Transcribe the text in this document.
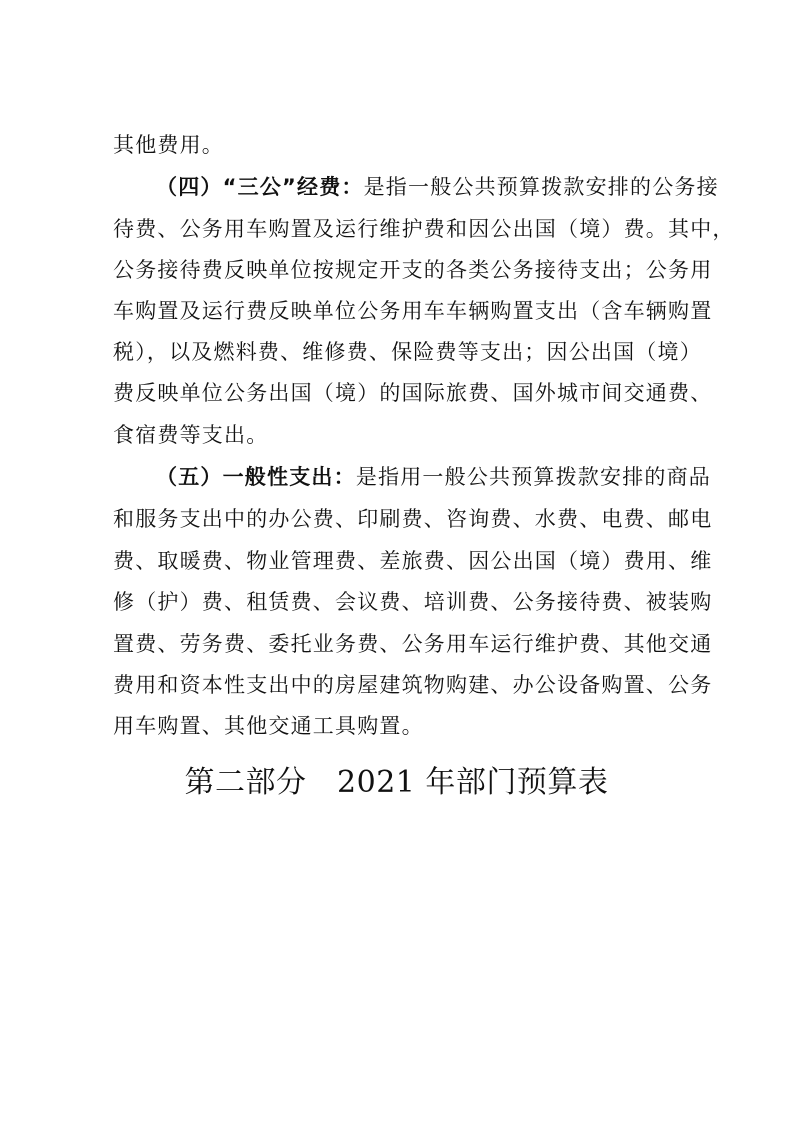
其他费用。
（四）“三公”经费：是指一般公共预算拨款安排的公务接
待费、公务用车购置及运行维护费和因公出国（境）费。其中，
公务接待费反映单位按规定开支的各类公务接待支出；公务用
车购置及运行费反映单位公务用车车辆购置支出（含车辆购置
税），以及燃料费、维修费、保险费等支出；因公出国（境）
费反映单位公务出国（境）的国际旅费、国外城市间交通费、
食宿费等支出。
（五）一般性支出：是指用一般公共预算拨款安排的商品
和服务支出中的办公费、印刷费、咨询费、水费、电费、邮电
费、取暖费、物业管理费、差旅费、因公出国（境）费用、维
修（护）费、租赁费、会议费、培训费、公务接待费、被装购
置费、劳务费、委托业务费、公务用车运行维护费、其他交通
费用和资本性支出中的房屋建筑物购建、办公设备购置、公务
用车购置、其他交通工具购置。
第二部分　2021 年部门预算表
